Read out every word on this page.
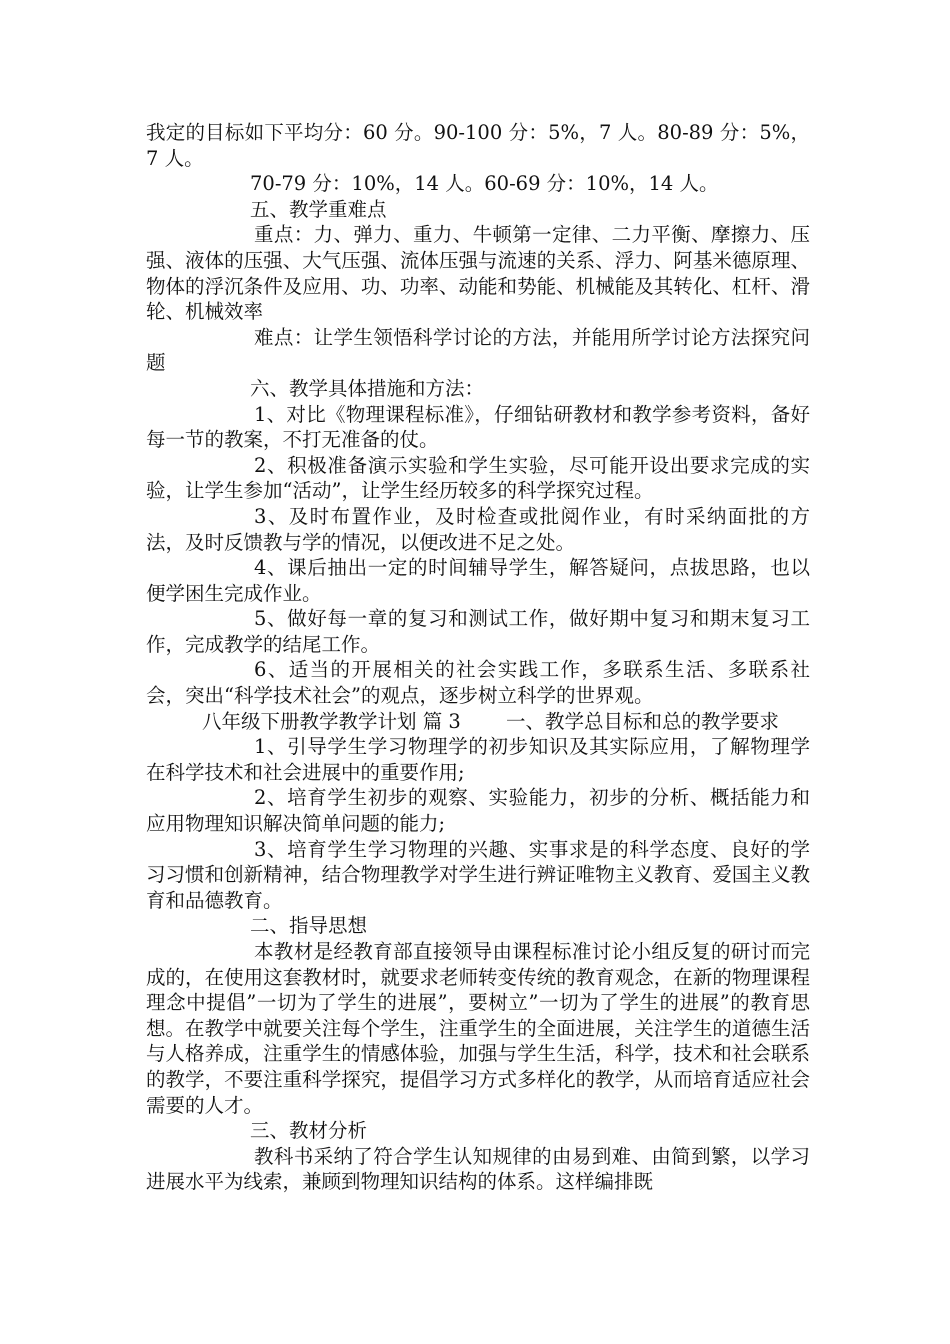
我定的目标如下平均分：60 分。90-100 分：5%，7 人。80-89 分：5%，7 人。

70-79 分：10%，14 人。60-69 分：10%，14 人。

五、教学重难点

重点：力、弹力、重力、牛顿第一定律、二力平衡、摩擦力、压强、液体的压强、大气压强、流体压强与流速的关系、浮力、阿基米德原理、物体的浮沉条件及应用、功、功率、动能和势能、机械能及其转化、杠杆、滑轮、机械效率

难点：让学生领悟科学讨论的方法，并能用所学讨论方法探究问题

六、教学具体措施和方法：

1、对比《物理课程标准》，仔细钻研教材和教学参考资料，备好每一节的教案，不打无准备的仗。

2、积极准备演示实验和学生实验，尽可能开设出要求完成的实验，让学生参加“活动”，让学生经历较多的科学探究过程。

3、及时布置作业，及时检查或批阅作业，有时采纳面批的方法，及时反馈教与学的情况，以便改进不足之处。

4、课后抽出一定的时间辅导学生，解答疑问，点拔思路，也以便学困生完成作业。

5、做好每一章的复习和测试工作，做好期中复习和期末复习工作，完成教学的结尾工作。

6、适当的开展相关的社会实践工作，多联系生活、多联系社会，突出“科学技术社会”的观点，逐步树立科学的世界观。

八年级下册教学教学计划 篇 3　　 一、教学总目标和总的教学要求

1、引导学生学习物理学的初步知识及其实际应用，了解物理学在科学技术和社会进展中的重要作用;

2、培育学生初步的观察、实验能力，初步的分析、概括能力和应用物理知识解决简单问题的能力;

3、培育学生学习物理的兴趣、实事求是的科学态度、良好的学习习惯和创新精神，结合物理教学对学生进行辨证唯物主义教育、爱国主义教育和品德教育。

二、指导思想

本教材是经教育部直接领导由课程标准讨论小组反复的研讨而完成的，在使用这套教材时，就要求老师转变传统的教育观念，在新的物理课程理念中提倡”一切为了学生的进展”，要树立”一切为了学生的进展”的教育思想。在教学中就要关注每个学生，注重学生的全面进展，关注学生的道德生活与人格养成，注重学生的情感体验，加强与学生生活，科学，技术和社会联系的教学，不要注重科学探究，提倡学习方式多样化的教学，从而培育适应社会需要的人才。

三、教材分析

教科书采纳了符合学生认知规律的由易到难、由简到繁，以学习进展水平为线索，兼顾到物理知识结构的体系。这样编排既
